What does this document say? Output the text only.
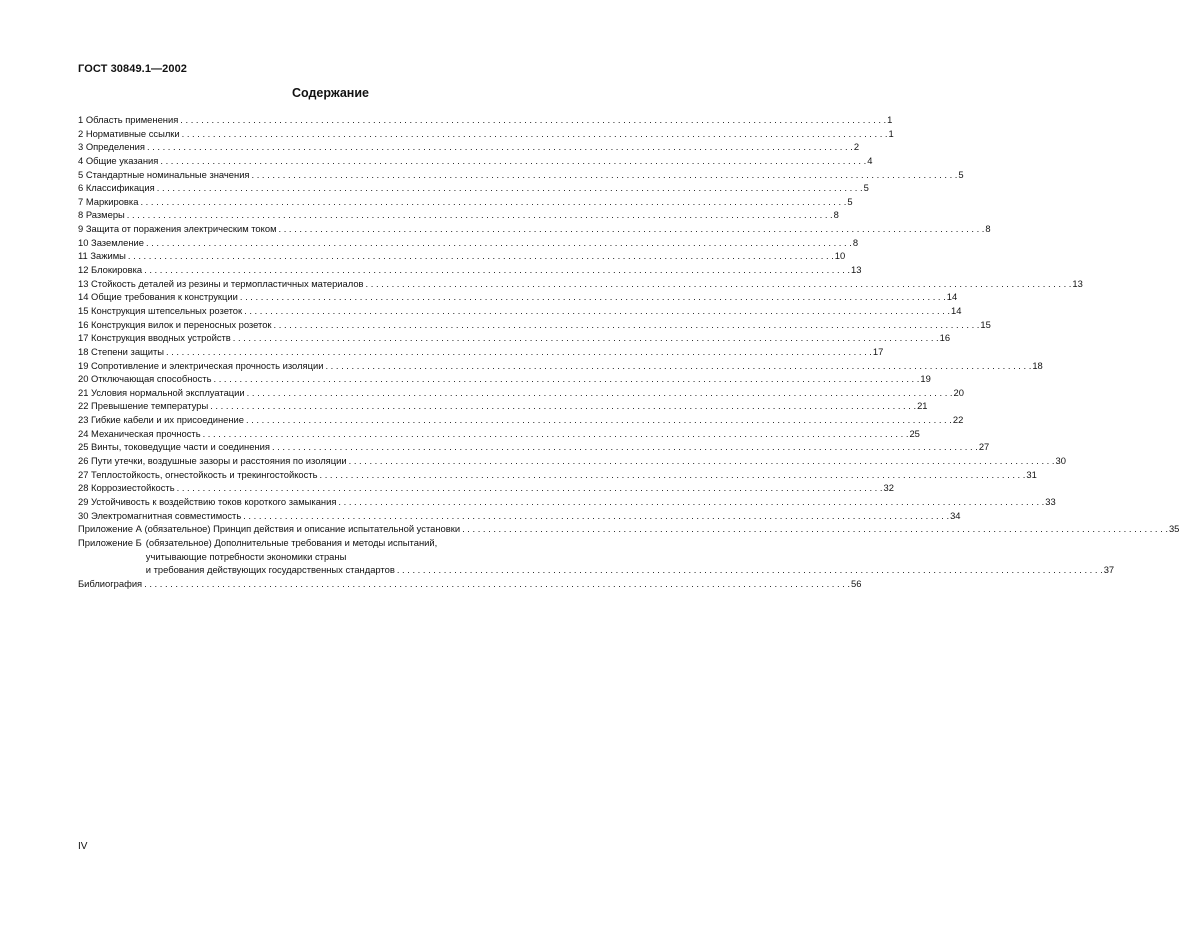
ГОСТ 30849.1—2002
Содержание
1 Область применения . . .	1
2 Нормативные ссылки . . .	1
3 Определения . . .	2
4 Общие указания . . .	4
5 Стандартные номинальные значения . . .	5
6 Классификация . . .	5
7 Маркировка . . .	5
8 Размеры . . .	8
9 Защита от поражения электрическим током . . .	8
10 Заземление . . .	8
11 Зажимы . . .	10
12 Блокировка . . .	13
13 Стойкость деталей из резины и термопластичных материалов . . .	13
14 Общие требования к конструкции . . .	14
15 Конструкция штепсельных розеток . . .	14
16 Конструкция вилок и переносных розеток . . .	15
17 Конструкция вводных устройств . . .	16
18 Степени защиты . . .	17
19 Сопротивление и электрическая прочность изоляции . . .	18
20 Отключающая способность . . .	19
21 Условия нормальной эксплуатации . . .	20
22 Превышение температуры . . .	21
23 Гибкие кабели и их присоединение . . .	22
24 Механическая прочность . . .	25
25 Винты, токоведущие части и соединения . . .	27
26 Пути утечки, воздушные зазоры и расстояния по изоляции . . .	30
27 Теплостойкость, огнестойкость и трекингостойкость . . .	31
28 Коррозиестойкость . . .	32
29 Устойчивость к воздействию токов короткого замыкания . . .	33
30 Электромагнитная совместимость . . .	34
Приложение А (обязательное) Принцип действия и описание испытательной установки . . .	35
Приложение Б (обязательное) Дополнительные требования и методы испытаний,
учитывающие потребности экономики страны
и требования действующих государственных стандартов . . .	37
Библиография . . .	56
IV
